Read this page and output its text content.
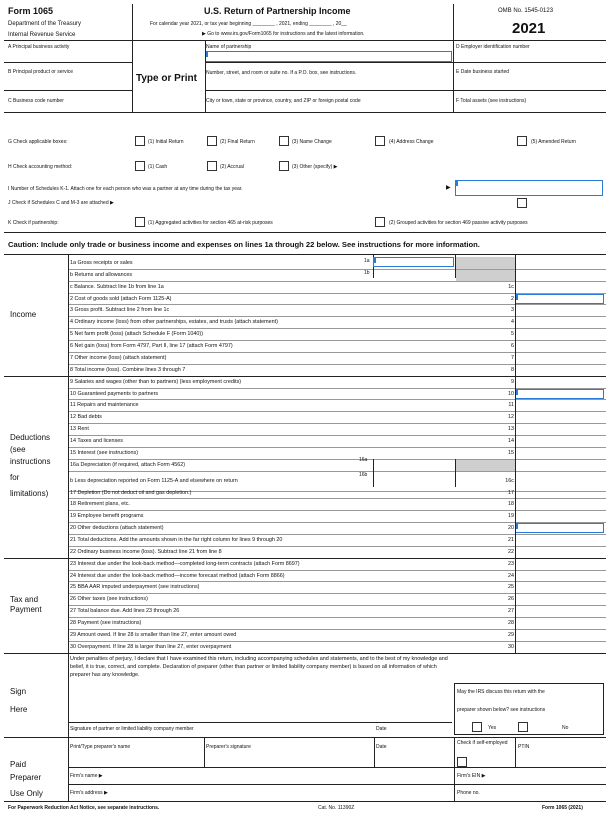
Form 1065
Department of the Treasury
Internal Revenue Service
U.S. Return of Partnership Income
For calendar year 2021, or tax year beginning ________ , 2021, ending ________ , 20__
▶ Go to www.irs.gov/Form1065 for instructions and the latest information.
OMB No. 1545-0123
2021
A Principal business activity
B Principal product or service
C Business code number
Type or Print
Name of partnership
Number, street, and room or suite no. If a P.O. box, see instructions.
City or town, state or province, country, and ZIP or foreign postal code
D Employer identification number
E Date business started
F Total assets (see instructions)
G Check applicable boxes:	(1) Initial Return	(2) Final Return	(3) Name Change	(4) Address Change	(5) Amended Return
H Check accounting method:	(1) Cash	(2) Accrual	(3) Other (specify) ▶
I Number of Schedules K-1. Attach one for each person who was a partner at any time during the tax year.	▶
J Check if Schedules C and M-3 are attached ▶
K Check if partnership:	(1) Aggregated activities for section 465 at-risk purposes	(2) Grouped activities for section 469 passive activity purposes
Caution: Include only trade or business income and expenses on lines 1a through 22 below. See instructions for more information.
1a Gross receipts or sales
b Returns and allowances
c Balance. Subtract line 1b from line 1a	1c
2 Cost of goods sold (attach Form 1125-A)	2
3 Gross profit. Subtract line 2 from line 1c	3
4 Ordinary income (loss) from other partnerships, estates, and trusts (attach statement)	4
5 Net farm profit (loss) (attach Schedule F (Form 1040))	5
6 Net gain (loss) from Form 4797, Part II, line 17 (attach Form 4797)	6
7 Other income (loss) (attach statement)	7
8 Total income (loss). Combine lines 3 through 7	8
9 Salaries and wages (other than to partners) (less employment credits)	9
10 Guaranteed payments to partners	10
11 Repairs and maintenance	11
12 Bad debts	12
13 Rent	13
14 Taxes and licenses	14
15 Interest (see instructions)	15
16a Depreciation (if required, attach Form 4562)
b Less depreciation reported on Form 1125-A and elsewhere on return	16c
17 Depletion (Do not deduct oil and gas depletion.)	17
18 Retirement plans, etc.	18
19 Employee benefit programs	19
20 Other deductions (attach statement)	20
21 Total deductions. Add the amounts shown in the far right column for lines 9 through 20	21
22 Ordinary business income (loss). Subtract line 21 from line 8	22
23 Interest due under the look-back method—completed long-term contracts (attach Form 8697)	23
24 Interest due under the look-back method—income forecast method (attach Form 8866)	24
25 BBA AAR imputed underpayment (see instructions)	25
26 Other taxes (see instructions)	26
27 Total balance due. Add lines 23 through 26	27
28 Payment (see instructions)	28
29 Amount owed. If line 28 is smaller than line 27, enter amount owed	29
30 Overpayment. If line 28 is larger than line 27, enter overpayment	30
Income
Deductions
(see
instructions
for
limitations)
Tax and
Payment
1a
1b
16a
16b
Under penalties of perjury, I declare that I have examined this return, including accompanying schedules and statements, and to the best of my knowledge and belief, it is true, correct, and complete. Declaration of preparer (other than partner or limited liability company member) is based on all information of which preparer has any knowledge.
Sign
Here
Signature of partner or limited liability company member	Date
May the IRS discuss this return with the
preparer shown below? see instructions
Yes	No
Paid
Preparer
Use Only
Print/Type preparer's name	Preparer's signature	Date
Check if self-employed
PTIN
Firm's name ▶	Firm's EIN ▶
Firm's address ▶	Phone no.
For Paperwork Reduction Act Notice, see separate instructions.	Cat. No. 11390Z	Form 1065 (2021)
